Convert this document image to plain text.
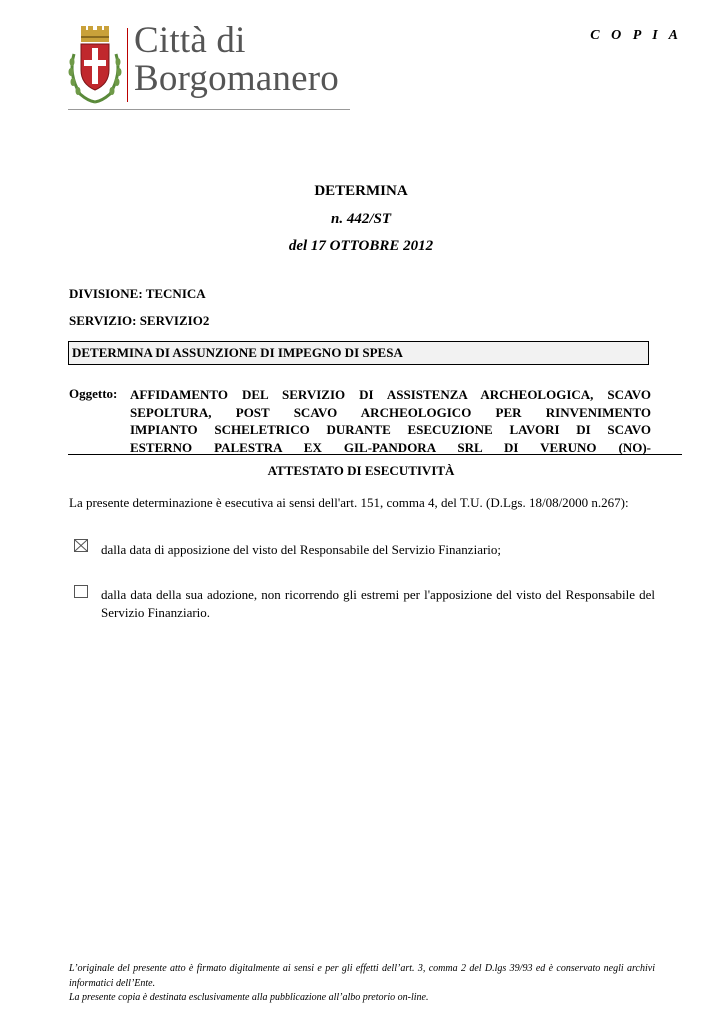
Città di
Borgomanero
C O P I A
DETERMINA
n. 442/ST
del 17 OTTOBRE 2012
DIVISIONE: TECNICA
SERVIZIO: SERVIZIO2
DETERMINA DI ASSUNZIONE DI IMPEGNO DI SPESA
Oggetto: AFFIDAMENTO DEL SERVIZIO DI ASSISTENZA ARCHEOLOGICA, SCAVO
SEPOLTURA, POST SCAVO ARCHEOLOGICO PER RINVENIMENTO
IMPIANTO SCHELETRICO DURANTE ESECUZIONE LAVORI DI SCAVO
ESTERNO PALESTRA EX GIL-PANDORA SRL DI VERUNO (NO)-
ATTESTATO DI ESECUTIVITÀ
La presente determinazione è esecutiva ai sensi dell'art. 151, comma 4, del T.U. (D.Lgs. 18/08/2000 n.267):
dalla data di apposizione del visto del Responsabile del Servizio Finanziario;
dalla data della sua adozione, non ricorrendo gli estremi per l'apposizione del visto del Responsabile del Servizio Finanziario.
L’originale del presente atto è firmato digitalmente ai sensi e per gli effetti dell’art. 3, comma 2 del D.lgs 39/93 ed è conservato negli archivi informatici dell’Ente.
La presente copia è destinata esclusivamente alla pubblicazione all’albo pretorio on-line.
